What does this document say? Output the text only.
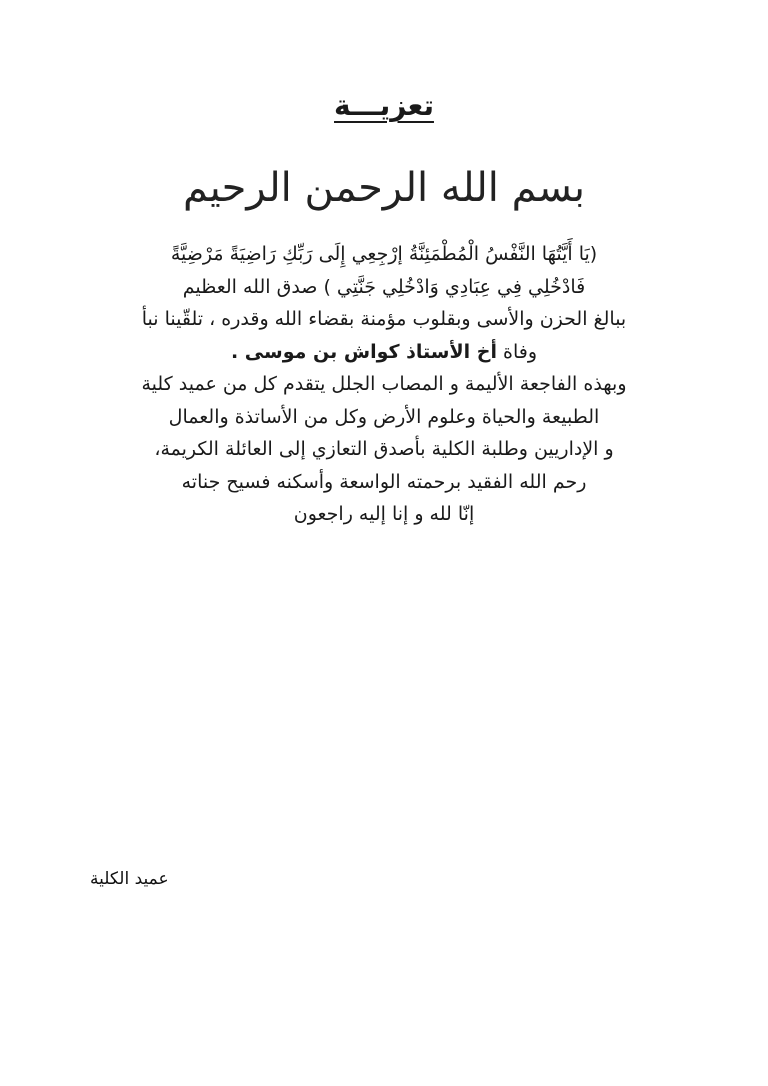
تعزيـــة
بسم الله الرحمن الرحيم
(يَا أَيَّتُهَا النَّفْسُ الْمُطْمَئِنَّةُ إرْجِعِي إِلَى رَبِّكِ رَاضِيَةً مَرْضِيَّةً
فَادْخُلِي فِي عِبَادِي وَادْخُلِي جَنَّتِي ) صدق الله العظيم
ببالغ الحزن والأسى وبقلوب مؤمنة بقضاء الله وقدره ، تلقّينا نبأ
وفاة أخ الأستاذ كواش بن موسى .
وبهذه الفاجعة الأليمة و المصاب الجلل يتقدم كل من عميد كلية
الطبيعة والحياة وعلوم الأرض وكل من الأساتذة والعمال
و الإداريين وطلبة الكلية بأصدق التعازي إلى العائلة الكريمة،
رحم الله الفقيد برحمته الواسعة وأسكنه فسيح جناته
إنّا لله و إنا إليه راجعون
عميد الكلية
